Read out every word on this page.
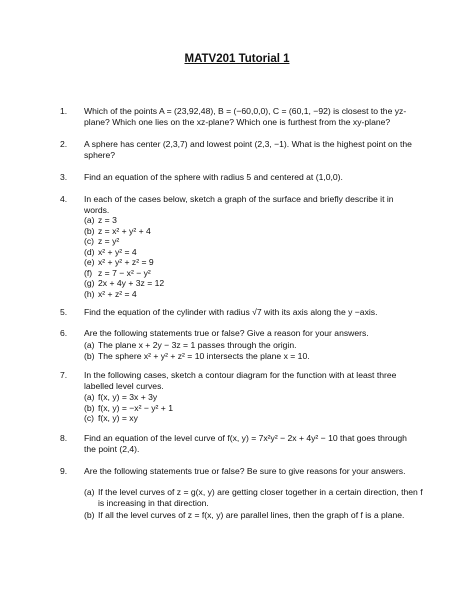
MATV201 Tutorial 1
1. Which of the points A = (23,92,48), B = (−60,0,0), C = (60,1, −92) is closest to the yz-plane? Which one lies on the xz-plane? Which one is furthest from the xy-plane?
2. A sphere has center (2,3,7) and lowest point (2,3, −1). What is the highest point on the sphere?
3. Find an equation of the sphere with radius 5 and centered at (1,0,0).
4. In each of the cases below, sketch a graph of the surface and briefly describe it in words.
(a) z = 3
(b) z = x² + y² + 4
(c) z = y²
(d) x² + y² = 4
(e) x² + y² + z² = 9
(f) z = 7 − x² − y²
(g) 2x + 4y + 3z = 12
(h) x² + z² = 4
5. Find the equation of the cylinder with radius √7 with its axis along the y −axis.
6. Are the following statements true or false? Give a reason for your answers.
(a) The plane x + 2y − 3z = 1 passes through the origin.
(b) The sphere x² + y² + z² = 10 intersects the plane x = 10.
7. In the following cases, sketch a contour diagram for the function with at least three labelled level curves.
(a) f(x, y) = 3x + 3y
(b) f(x, y) = −x² − y² + 1
(c) f(x, y) = xy
8. Find an equation of the level curve of f(x, y) = 7x²y² − 2x + 4y² − 10 that goes through the point (2,4).
9. Are the following statements true or false? Be sure to give reasons for your answers.
(a) If the level curves of z = g(x, y) are getting closer together in a certain direction, then f is increasing in that direction.
(b) If all the level curves of z = f(x, y) are parallel lines, then the graph of f is a plane.
